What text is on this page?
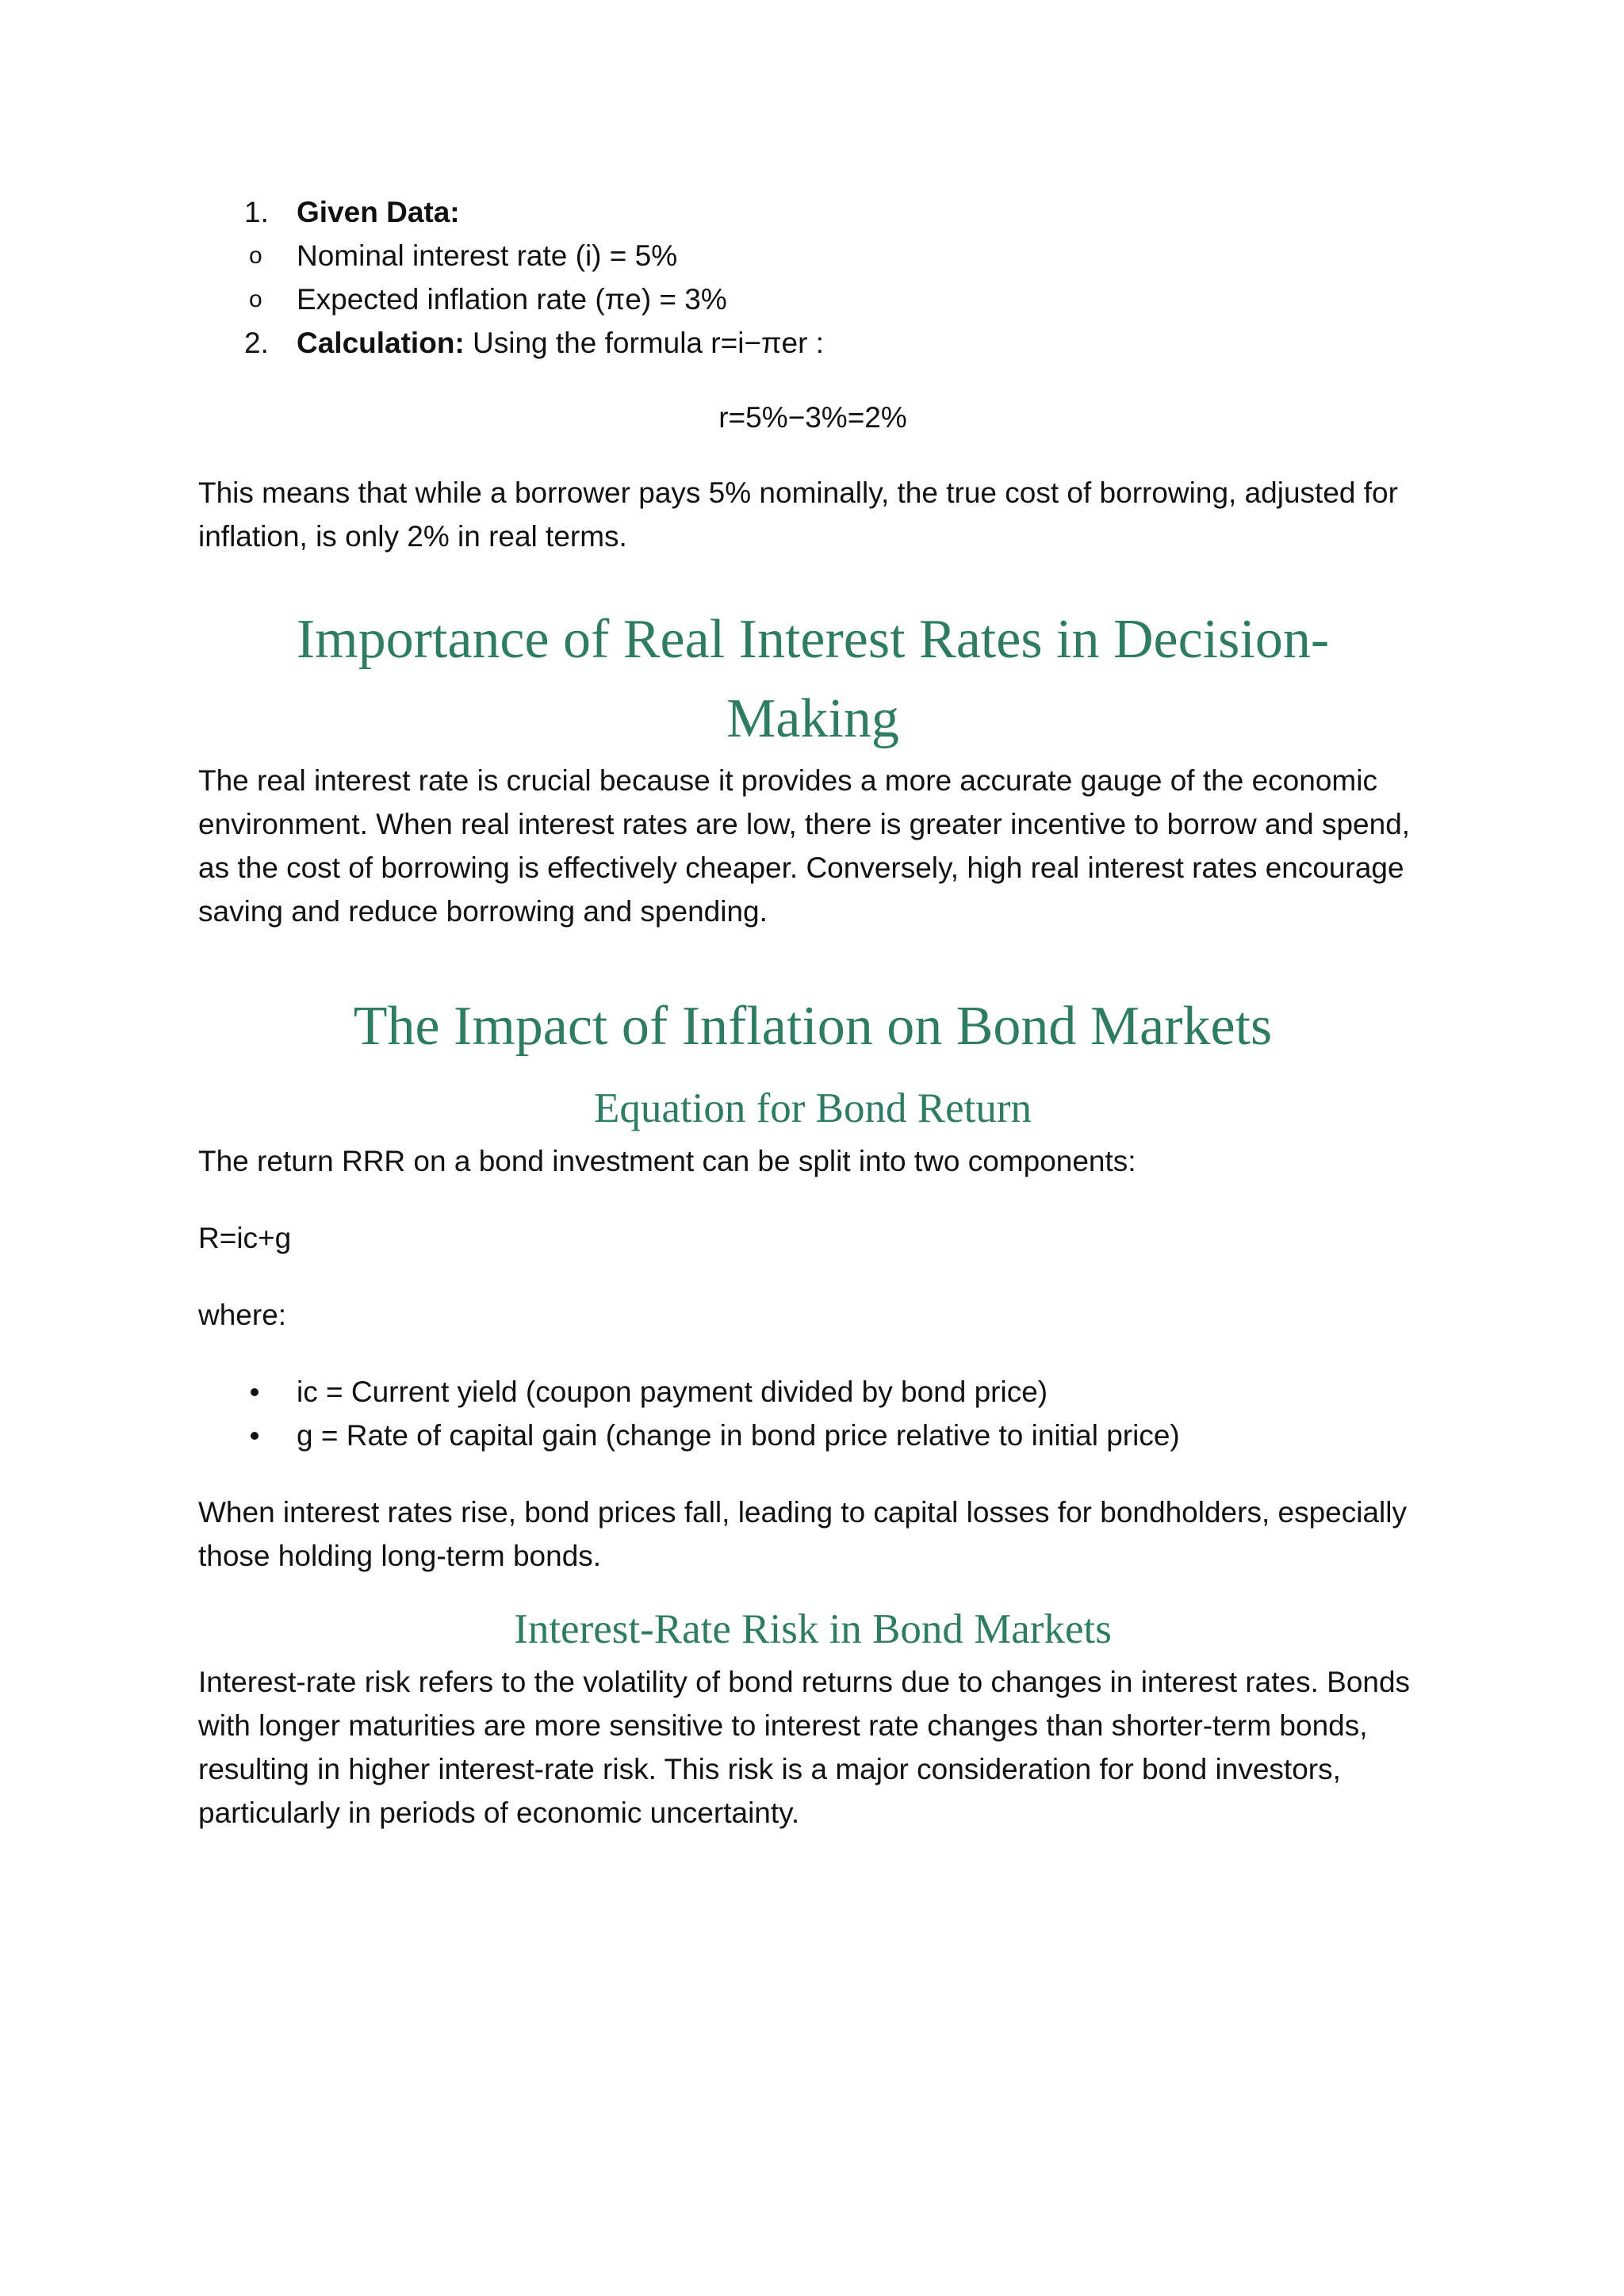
1. Given Data:
o Nominal interest rate (i) = 5%
o Expected inflation rate (πe) = 3%
2. Calculation: Using the formula r=i−πer :

r=5%−3%=2%

This means that while a borrower pays 5% nominally, the true cost of borrowing, adjusted for inflation, is only 2% in real terms.

Importance of Real Interest Rates in Decision-
Making

The real interest rate is crucial because it provides a more accurate gauge of the economic environment. When real interest rates are low, there is greater incentive to borrow and spend, as the cost of borrowing is effectively cheaper. Conversely, high real interest rates encourage saving and reduce borrowing and spending.

The Impact of Inflation on Bond Markets
Equation for Bond Return

The return RRR on a bond investment can be split into two components:

R=ic+g

where:

ic = Current yield (coupon payment divided by bond price)
g = Rate of capital gain (change in bond price relative to initial price)

When interest rates rise, bond prices fall, leading to capital losses for bondholders, especially those holding long-term bonds.

Interest-Rate Risk in Bond Markets

Interest-rate risk refers to the volatility of bond returns due to changes in interest rates. Bonds with longer maturities are more sensitive to interest rate changes than shorter-term bonds, resulting in higher interest-rate risk. This risk is a major consideration for bond investors, particularly in periods of economic uncertainty.
